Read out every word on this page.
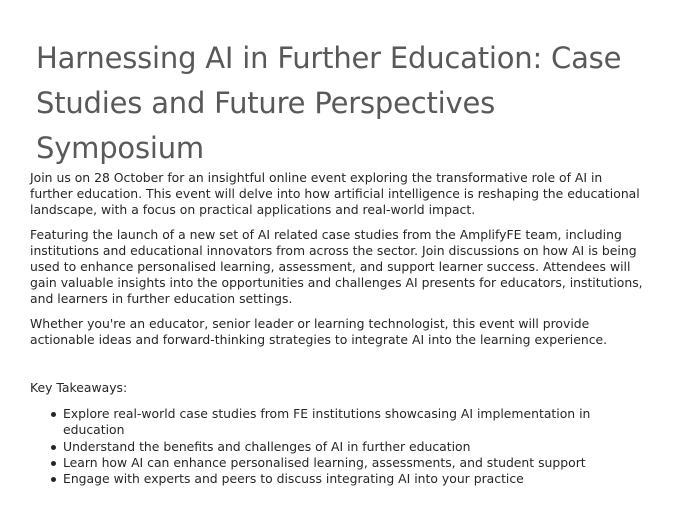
Harnessing AI in Further Education: Case Studies and Future Perspectives Symposium

Join us on 28 October for an insightful online event exploring the transformative role of AI in further education. This event will delve into how artificial intelligence is reshaping the educational landscape, with a focus on practical applications and real-world impact.

Featuring the launch of a new set of AI related case studies from the AmplifyFE team, including institutions and educational innovators from across the sector. Join discussions on how AI is being used to enhance personalised learning, assessment, and support learner success. Attendees will gain valuable insights into the opportunities and challenges AI presents for educators, institutions, and learners in further education settings.

Whether you're an educator, senior leader or learning technologist, this event will provide actionable ideas and forward-thinking strategies to integrate AI into the learning experience.

Key Takeaways:
Explore real-world case studies from FE institutions showcasing AI implementation in education
Understand the benefits and challenges of AI in further education
Learn how AI can enhance personalised learning, assessments, and student support
Engage with experts and peers to discuss integrating AI into your practice
